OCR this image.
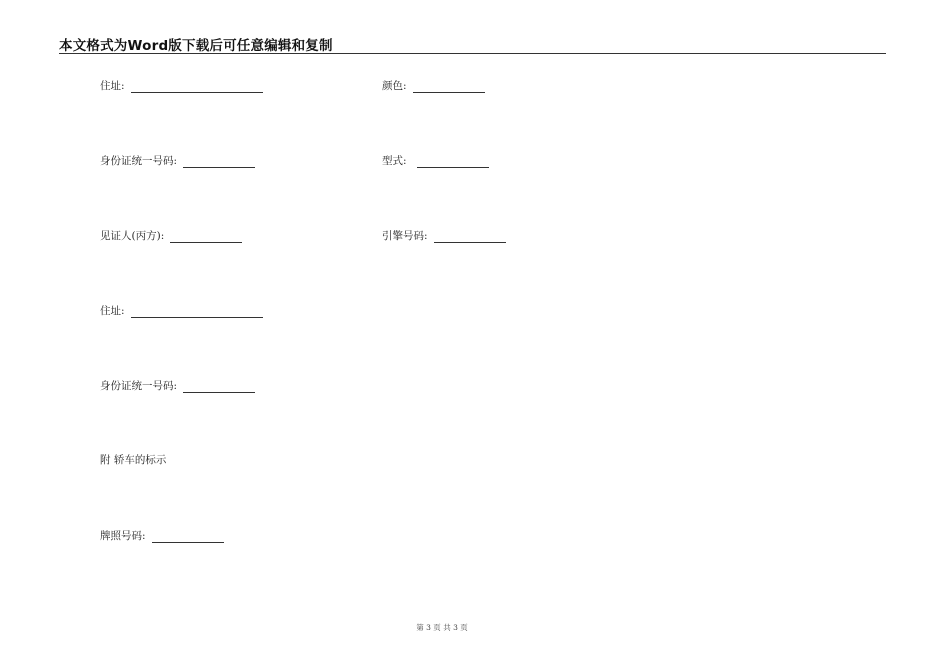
本文格式为Word版下载后可任意编辑和复制
住址:
身份证统一号码:
见证人(丙方):
住址:
身份证统一号码:
颜色:
型式:
引擎号码:
附 轿车的标示
牌照号码:
第 3 页 共 3 页
